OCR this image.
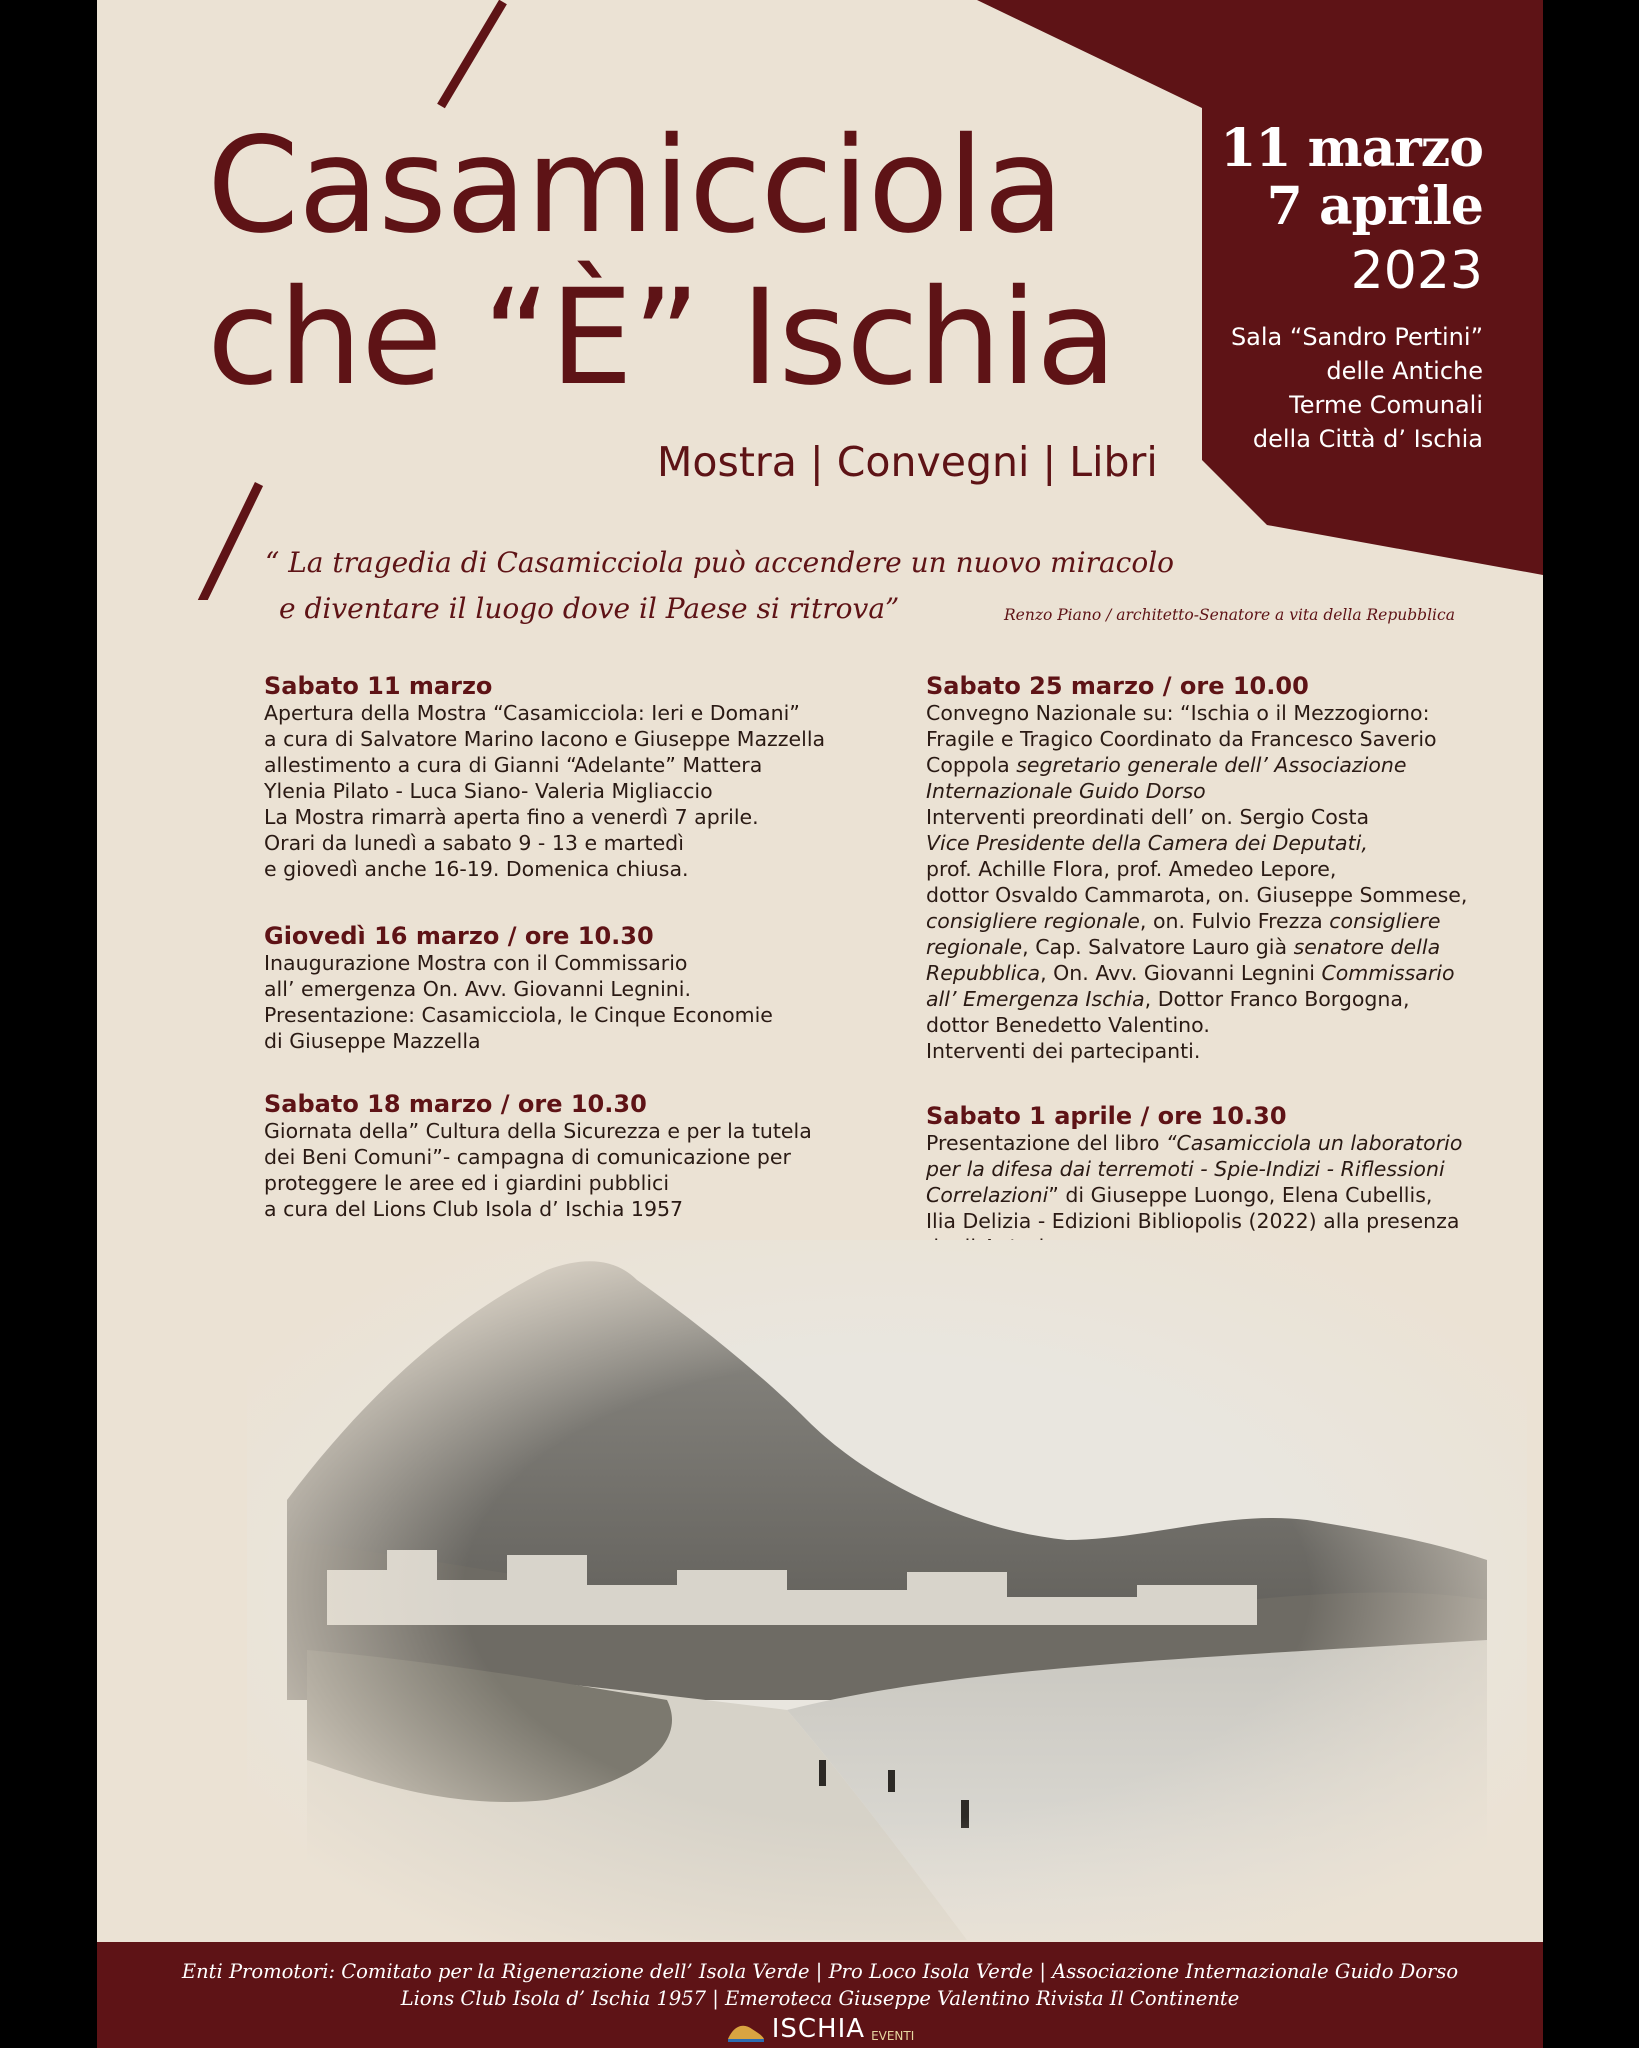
Casamicciola
che “È” Ischia
Mostra | Convegni | Libri
11 marzo
7 aprile
2023
Sala “Sandro Pertini”
delle Antiche
Terme Comunali
della Città d’ Ischia
“ La tragedia di Casamicciola può accendere un nuovo miracolo
e diventare il luogo dove il Paese si ritrova”	Renzo Piano / architetto-Senatore a vita della Repubblica
Sabato 11 marzo

Apertura della Mostra “Casamicciola: Ieri e Domani”

a cura di Salvatore Marino Iacono e Giuseppe Mazzella

allestimento a cura di Gianni “Adelante” Mattera

Ylenia Pilato - Luca Siano- Valeria Migliaccio

La Mostra rimarrà aperta fino a venerdì 7 aprile.

Orari da lunedì a sabato 9 - 13 e martedì

e giovedì anche 16-19. Domenica chiusa.

Giovedì 16 marzo / ore 10.30

Inaugurazione Mostra con il Commissario

all’ emergenza On. Avv. Giovanni Legnini.

Presentazione: Casamicciola, le Cinque Economie

di Giuseppe Mazzella

Sabato 18 marzo / ore 10.30

Giornata della” Cultura della Sicurezza e per la tutela

dei Beni Comuni”- campagna di comunicazione per

proteggere le aree ed i giardini pubblici

a cura del Lions Club Isola d’ Ischia 1957

Sabato 25 marzo / ore 10.00

Convegno Nazionale su: “Ischia o il Mezzogiorno:

Fragile e Tragico Coordinato da Francesco Saverio

Coppola segretario generale dell’ Associazione

Internazionale Guido Dorso

Interventi preordinati dell’ on. Sergio Costa

Vice Presidente della Camera dei Deputati,

prof. Achille Flora, prof. Amedeo Lepore,

dottor Osvaldo Cammarota, on. Giuseppe Sommese,

consigliere regionale, on. Fulvio Frezza consigliere

regionale, Cap. Salvatore Lauro già senatore della

Repubblica, On. Avv. Giovanni Legnini Commissario

all’ Emergenza Ischia, Dottor Franco Borgogna,

dottor Benedetto Valentino.

Interventi dei partecipanti.

Sabato 1 aprile / ore 10.30

Presentazione del libro “Casamicciola un laboratorio

per la difesa dai terremoti - Spie-Indizi - Riflessioni

Correlazioni” di Giuseppe Luongo, Elena Cubellis,

Ilia Delizia - Edizioni Bibliopolis (2022) alla presenza

Enti Promotori: Comitato per la Rigenerazione dell’ Isola Verde | Pro Loco Isola Verde | Associazione Internazionale Guido Dorso
Lions Club Isola d’ Ischia 1957 | Emeroteca Giuseppe Valentino Rivista Il Continente
ISCHIA EVENTI
